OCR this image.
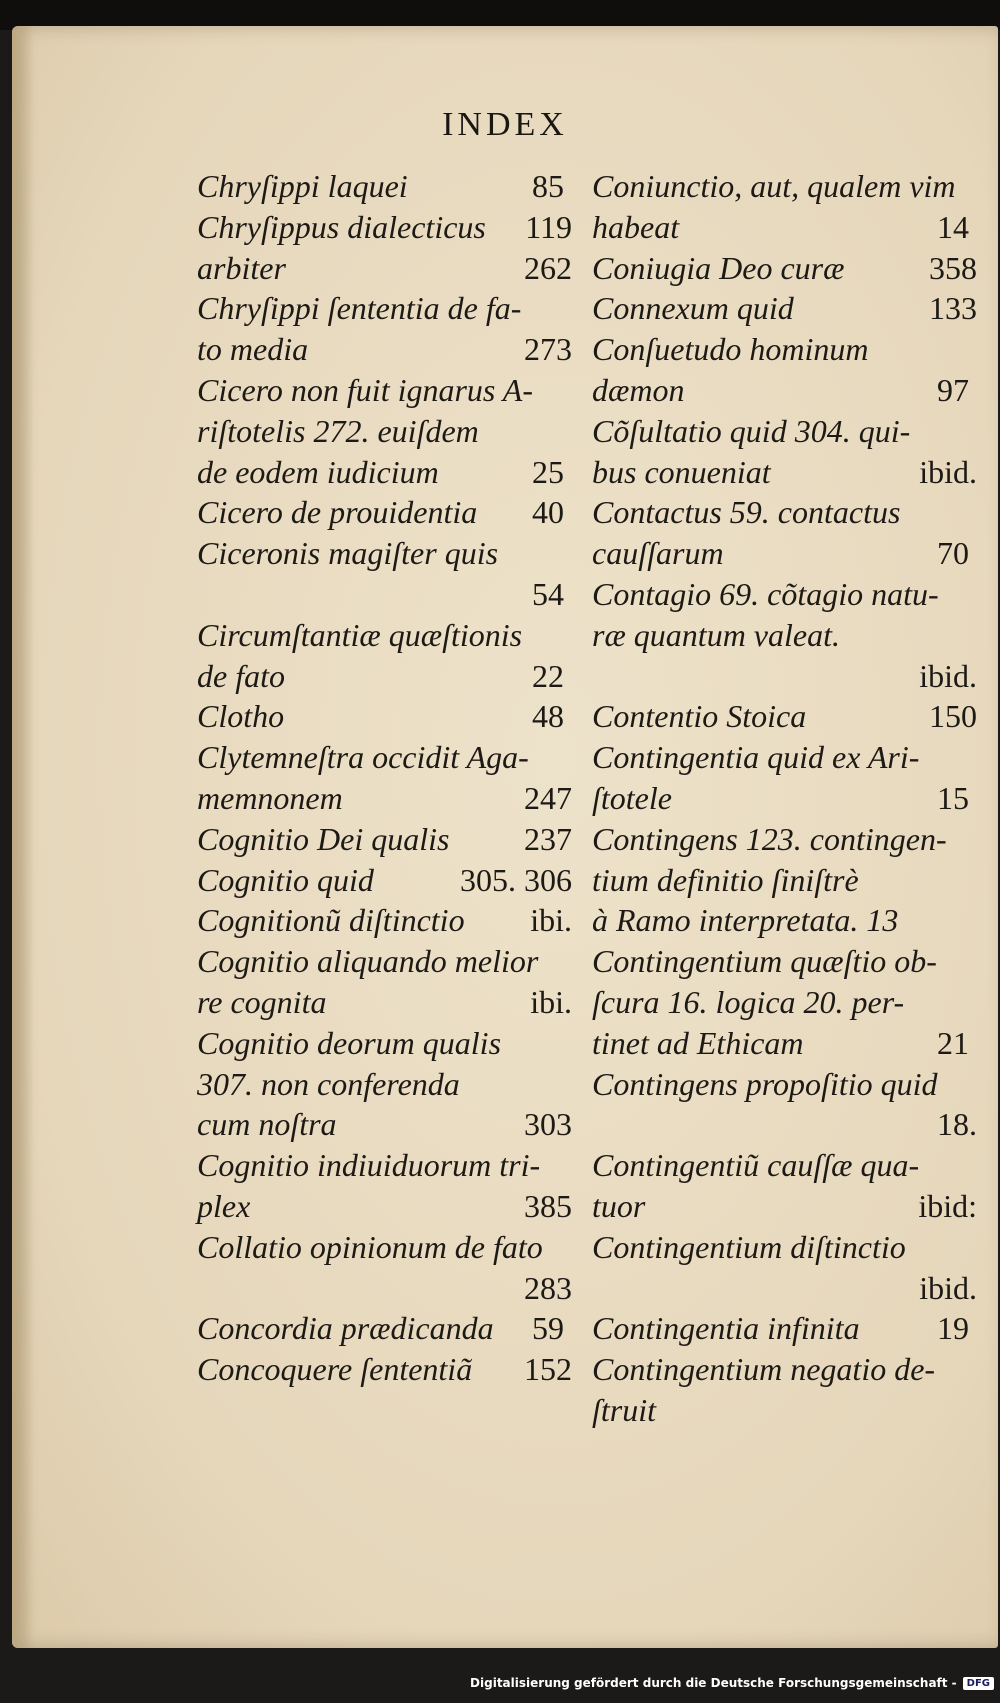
INDEX
Chryſippi laquei	85
Chryſippus dialecticus 119
arbiter	262
Chryſippi ſententia de fa-
to media	273
Cicero non fuit ignarus A-
riſtotelis 272. euiſdem
de eodem iudicium	25
Cicero de prouidentia 40
Ciceronis magiſter quis
54
Circumſtantiæ quæſtionis
de fato	22
Clotho	48
Clytemneſtra occidit Aga-
memnonem	247
Cognitio Dei qualis 237
Cognitio quid	305. 306
Cognitionũ diſtinctio ibi.
Cognitio aliquando melior
re cognita	ibi.
Cognitio deorum qualis
307. non conferenda
cum noſtra	303
Cognitio indiuiduorum tri-
plex	385
Collatio opinionum de fato
283
Concordia prædicanda 59
Concoquere ſententiã 152
Coniunctio, aut, qualem vim
habeat	14
Coniugia Deo curæ	358
Connexum quid	133
Conſuetudo hominum
dæmon	97
Cõſultatio quid 304. qui-
bus conueniat	ibid.
Contactus 59. contactus
cauſſarum	70
Contagio 69. cõtagio natu-
ræ quantum valeat.
ibid.
Contentio Stoica	150
Contingentia quid ex Ari-
ſtotele	15
Contingens 123. contingen-
tium definitio ſiniſtrè
à Ramo interpretata. 13
Contingentium quæſtio ob-
ſcura 16. logica 20. per-
tinet ad Ethicam	21
Contingens propoſitio quid
18.
Contingentiũ cauſſæ qua-
tuor	ibid:
Contingentium diſtinctio
ibid.
Contingentia infinita 19
Contingentium negatio de-
ſtruit
Digitalisierung gefördert durch die Deutsche Forschungsgemeinschaft -	DFG
